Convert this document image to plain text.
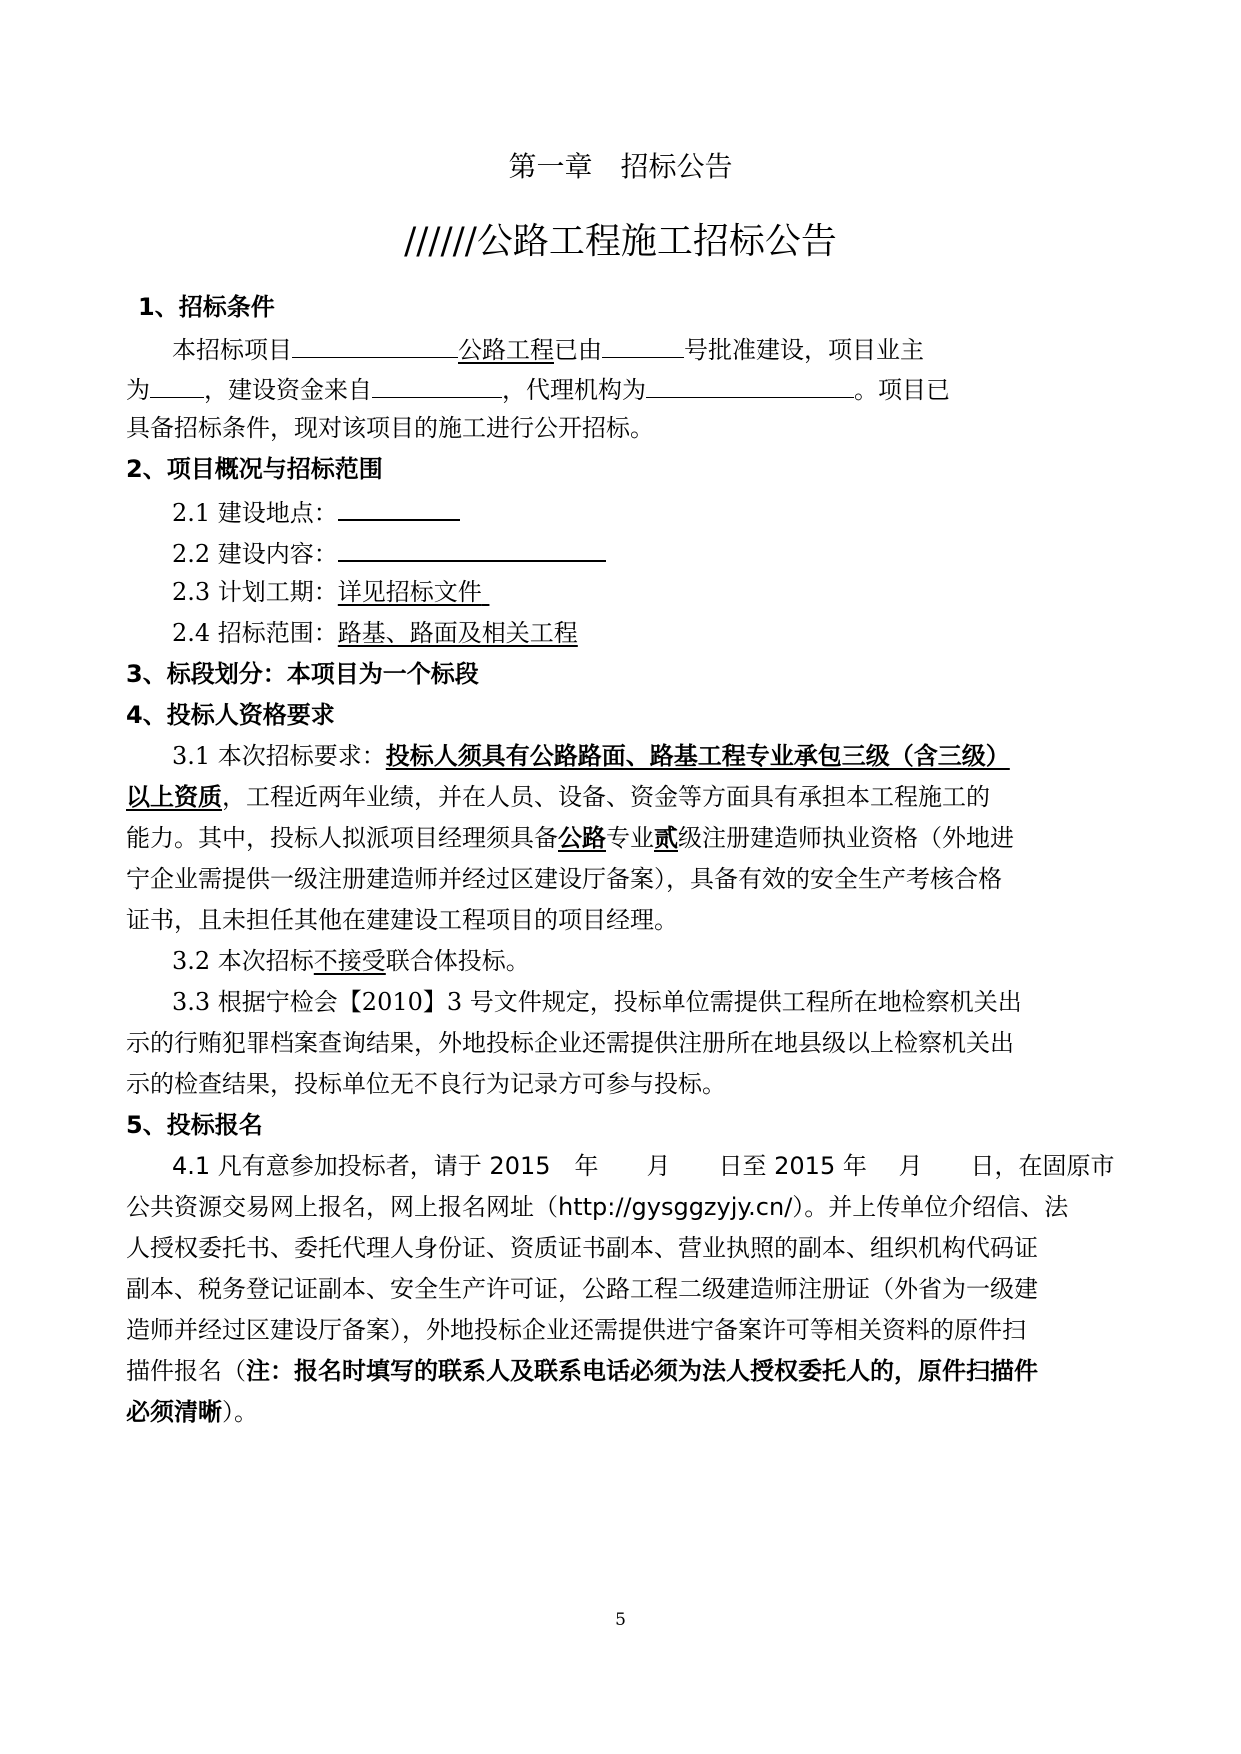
第一章　招标公告
//////公路工程施工招标公告
1、招标条件
本招标项目	公路工程已由	号批准建设，项目业主
为 ，建设资金来自	，代理机构为	。项目已
具备招标条件，现对该项目的施工进行公开招标。
2、项目概况与招标范围
2.1 建设地点：
2.2 建设内容：
2.3 计划工期：详见招标文件
2.4 招标范围：路基、路面及相关工程
3、标段划分：本项目为一个标段
4、投标人资格要求
3.1 本次招标要求：投标人须具有公路路面、路基工程专业承包三级（含三级）
以上资质，工程近两年业绩，并在人员、设备、资金等方面具有承担本工程施工的
能力。其中，投标人拟派项目经理须具备公路专业贰级注册建造师执业资格（外地进
宁企业需提供一级注册建造师并经过区建设厅备案），具备有效的安全生产考核合格
证书，且未担任其他在建建设工程项目的项目经理。
3.2 本次招标不接受联合体投标。
3.3 根据宁检会【2010】3 号文件规定，投标单位需提供工程所在地检察机关出
示的行贿犯罪档案查询结果，外地投标企业还需提供注册所在地县级以上检察机关出
示的检查结果，投标单位无不良行为记录方可参与投标。
5、投标报名
4.1 凡有意参加投标者，请于 2015　年　　月　　日至 2015 年　 月　　日，在固原市
公共资源交易网上报名，网上报名网址（http://gysggzyjy.cn/）。并上传单位介绍信、法
人授权委托书、委托代理人身份证、资质证书副本、营业执照的副本、组织机构代码证
副本、税务登记证副本、安全生产许可证，公路工程二级建造师注册证（外省为一级建
造师并经过区建设厅备案），外地投标企业还需提供进宁备案许可等相关资料的原件扫
描件报名（注：报名时填写的联系人及联系电话必须为法人授权委托人的，原件扫描件
必须清晰）。
5
